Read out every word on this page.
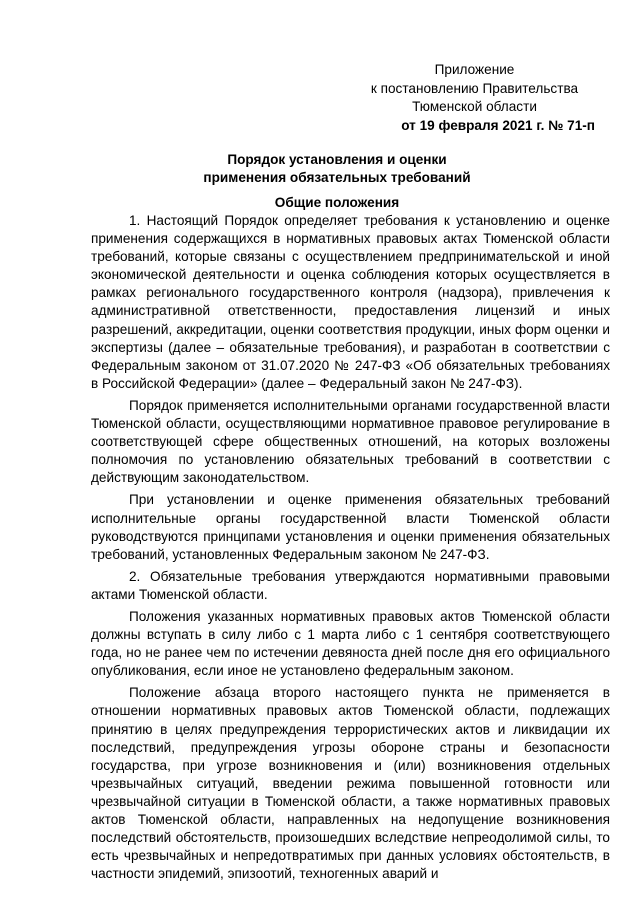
Приложение
к постановлению Правительства
Тюменской области
от 19 февраля 2021 г. № 71-п
Порядок установления и оценки
применения обязательных требований
Общие положения

1. Настоящий Порядок определяет требования к установлению и оценке применения содержащихся в нормативных правовых актах Тюменской области требований, которые связаны с осуществлением предпринимательской и иной экономической деятельности и оценка соблюдения которых осуществляется в рамках регионального государственного контроля (надзора), привлечения к административной ответственности, предоставления лицензий и иных разрешений, аккредитации, оценки соответствия продукции, иных форм оценки и экспертизы (далее – обязательные требования), и разработан в соответствии с Федеральным законом от 31.07.2020 № 247-ФЗ «Об обязательных требованиях в Российской Федерации» (далее – Федеральный закон № 247-ФЗ).

Порядок применяется исполнительными органами государственной власти Тюменской области, осуществляющими нормативное правовое регулирование в соответствующей сфере общественных отношений, на которых возложены полномочия по установлению обязательных требований в соответствии с действующим законодательством.

При установлении и оценке применения обязательных требований исполнительные органы государственной власти Тюменской области руководствуются принципами установления и оценки применения обязательных требований, установленных Федеральным законом № 247-ФЗ.

2. Обязательные требования утверждаются нормативными правовыми актами Тюменской области.

Положения указанных нормативных правовых актов Тюменской области должны вступать в силу либо с 1 марта либо с 1 сентября соответствующего года, но не ранее чем по истечении девяноста дней после дня его официального опубликования, если иное не установлено федеральным законом.

Положение абзаца второго настоящего пункта не применяется в отношении нормативных правовых актов Тюменской области, подлежащих принятию в целях предупреждения террористических актов и ликвидации их последствий, предупреждения угрозы обороне страны и безопасности государства, при угрозе возникновения и (или) возникновения отдельных чрезвычайных ситуаций, введении режима повышенной готовности или чрезвычайной ситуации в Тюменской области, а также нормативных правовых актов Тюменской области, направленных на недопущение возникновения последствий обстоятельств, произошедших вследствие непреодолимой силы, то есть чрезвычайных и непредотвратимых при данных условиях обстоятельств, в частности эпидемий, эпизоотий, техногенных аварий и
